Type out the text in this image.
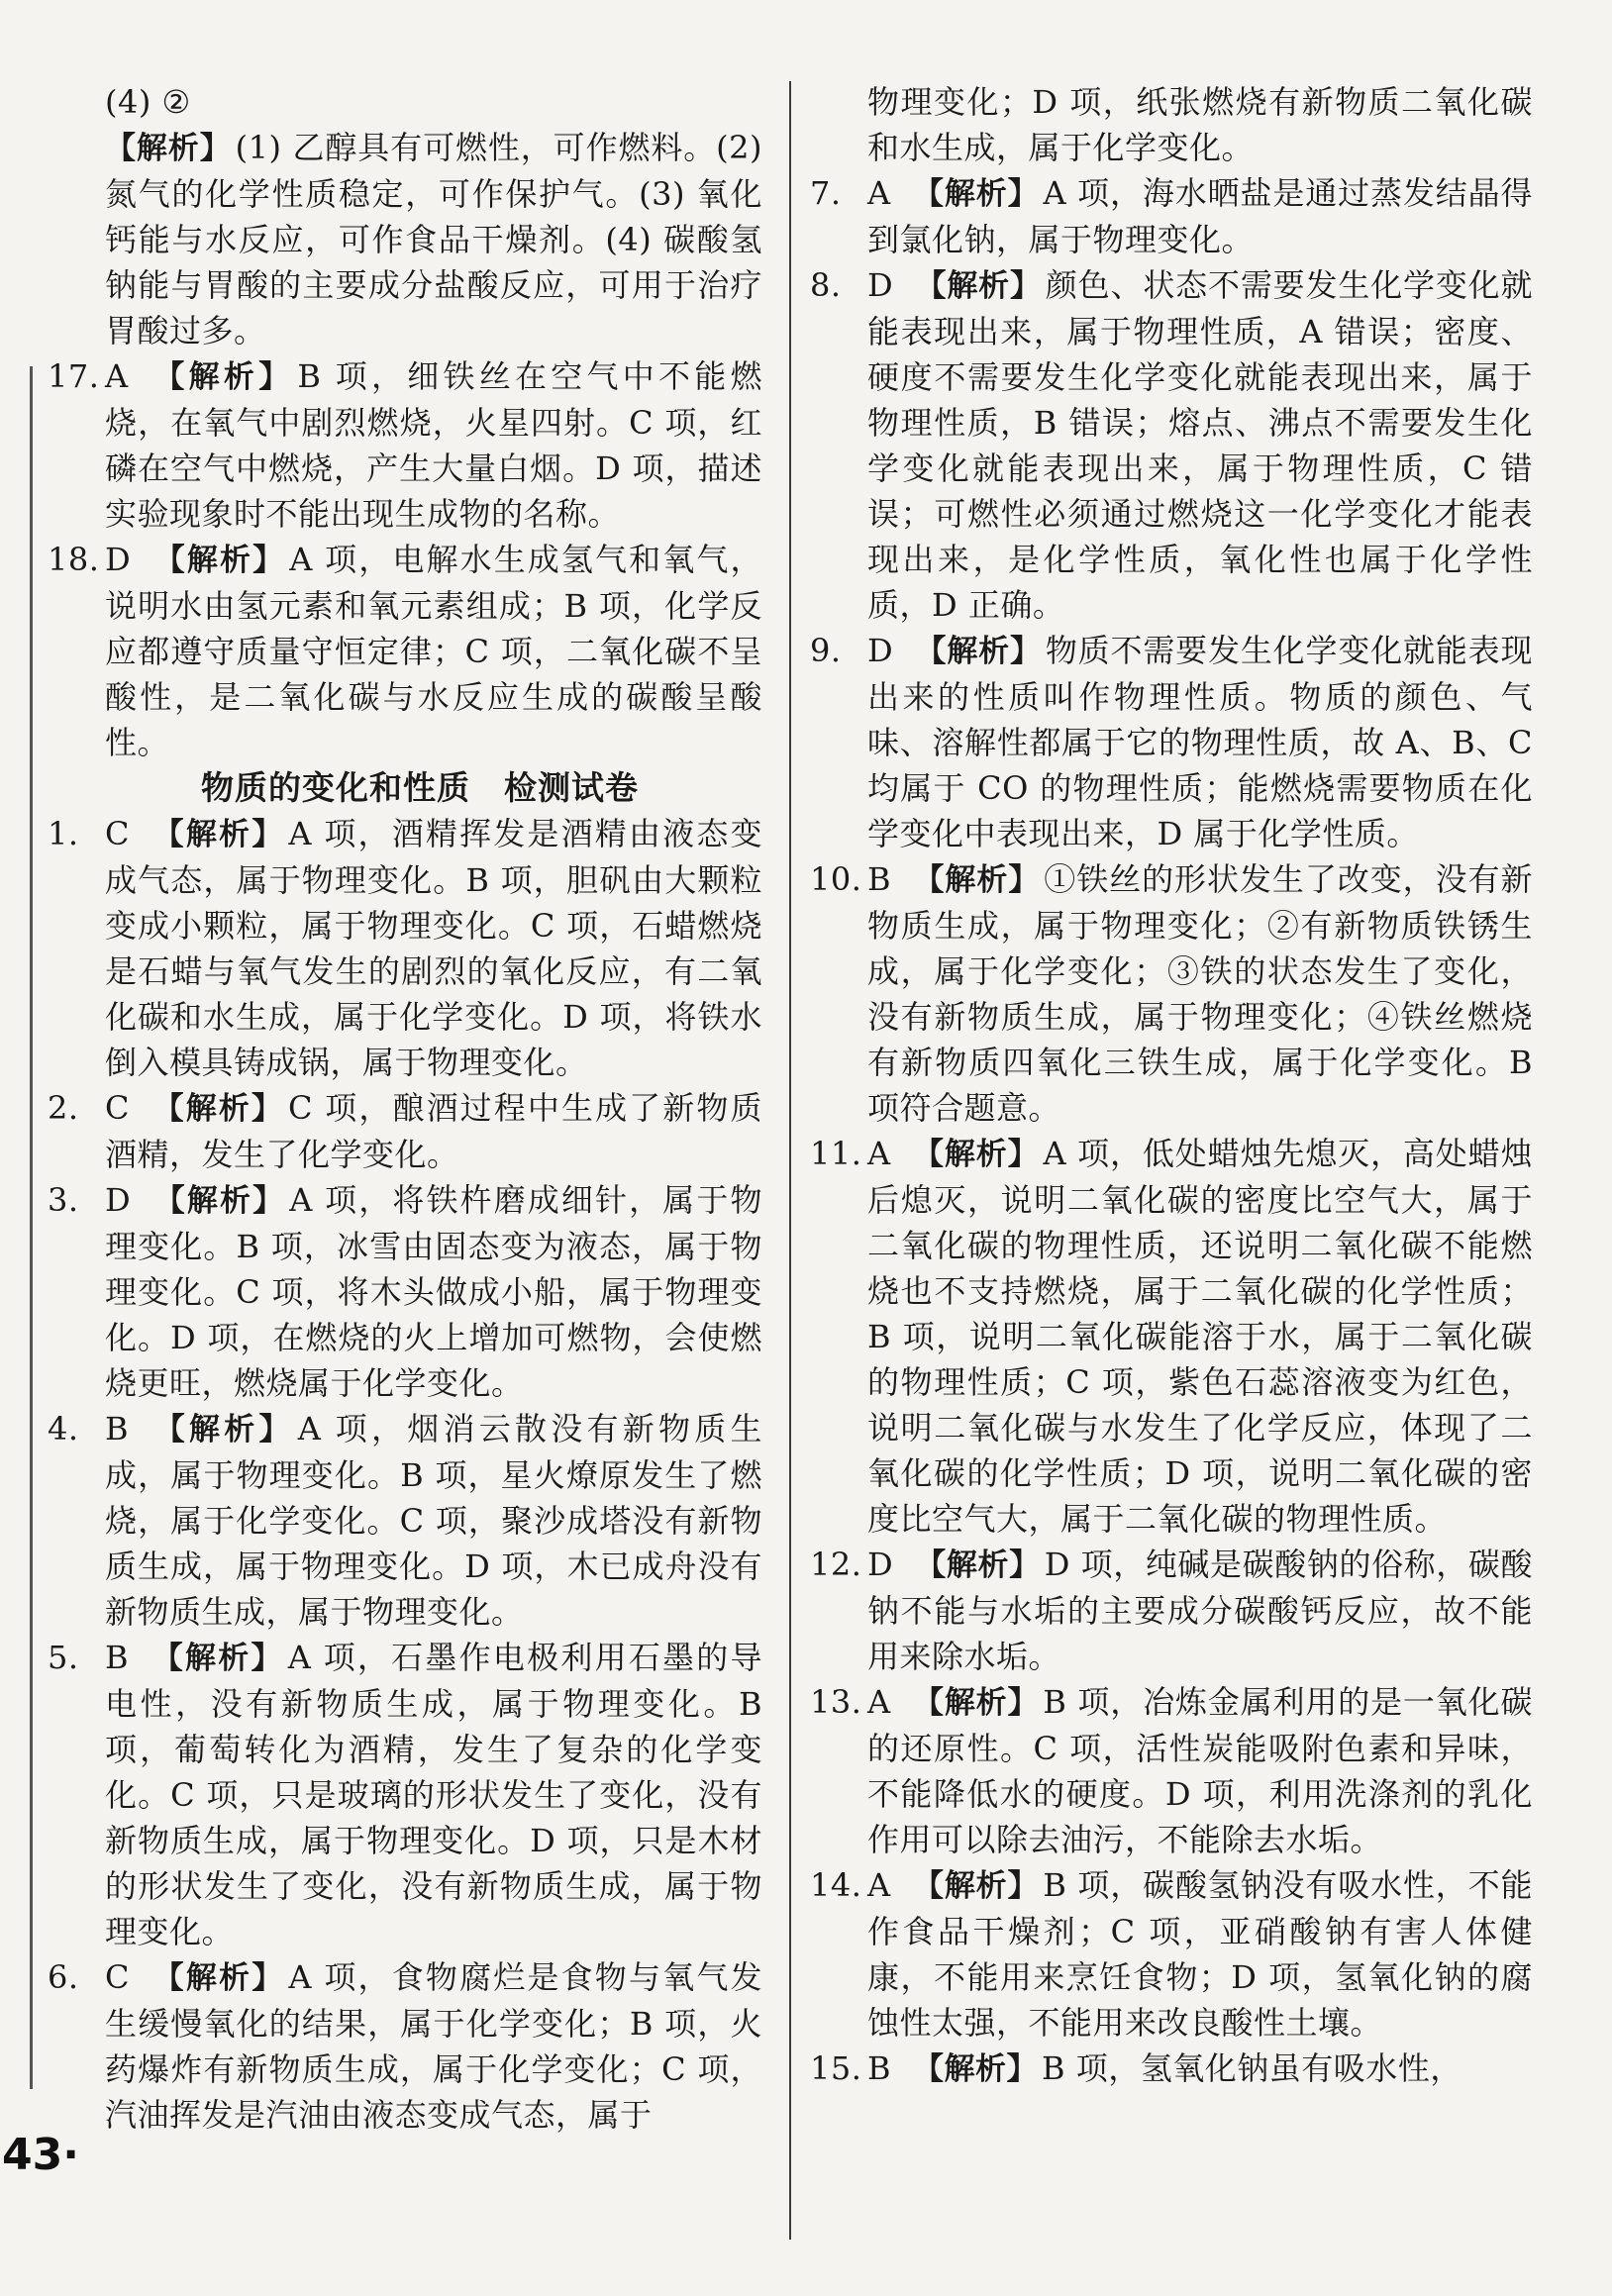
(4) ②
【解析】 (1) 乙醇具有可燃性，可作燃料。(2) 氮气的化学性质稳定，可作保护气。(3) 氧化钙能与水反应，可作食品干燥剂。(4) 碳酸氢钠能与胃酸的主要成分盐酸反应，可用于治疗胃酸过多。

17. A 【解析】 B 项，细铁丝在空气中不能燃烧，在氧气中剧烈燃烧，火星四射。C 项，红磷在空气中燃烧，产生大量白烟。D 项，描述实验现象时不能出现生成物的名称。

18. D 【解析】 A 项，电解水生成氢气和氧气，说明水由氢元素和氧元素组成；B 项，化学反应都遵守质量守恒定律；C 项，二氧化碳不呈酸性，是二氧化碳与水反应生成的碳酸呈酸性。

物质的变化和性质　检测试卷

1. C 【解析】 A 项，酒精挥发是酒精由液态变成气态，属于物理变化。B 项，胆矾由大颗粒变成小颗粒，属于物理变化。C 项，石蜡燃烧是石蜡与氧气发生的剧烈的氧化反应，有二氧化碳和水生成，属于化学变化。D 项，将铁水倒入模具铸成锅，属于物理变化。

2. C 【解析】 C 项，酿酒过程中生成了新物质酒精，发生了化学变化。

3. D 【解析】 A 项，将铁杵磨成细针，属于物理变化。B 项，冰雪由固态变为液态，属于物理变化。C 项，将木头做成小船，属于物理变化。D 项，在燃烧的火上增加可燃物，会使燃烧更旺，燃烧属于化学变化。

4. B 【解析】 A 项，烟消云散没有新物质生成，属于物理变化。B 项，星火燎原发生了燃烧，属于化学变化。C 项，聚沙成塔没有新物质生成，属于物理变化。D 项，木已成舟没有新物质生成，属于物理变化。

5. B 【解析】 A 项，石墨作电极利用石墨的导电性，没有新物质生成，属于物理变化。B 项，葡萄转化为酒精，发生了复杂的化学变化。C 项，只是玻璃的形状发生了变化，没有新物质生成，属于物理变化。D 项，只是木材的形状发生了变化，没有新物质生成，属于物理变化。

6. C 【解析】 A 项，食物腐烂是食物与氧气发生缓慢氧化的结果，属于化学变化；B 项，火药爆炸有新物质生成，属于化学变化；C 项，汽油挥发是汽油由液态变成气态，属于

物理变化；D 项，纸张燃烧有新物质二氧化碳和水生成，属于化学变化。

7. A 【解析】 A 项，海水晒盐是通过蒸发结晶得到氯化钠，属于物理变化。

8. D 【解析】 颜色、状态不需要发生化学变化就能表现出来，属于物理性质，A 错误；密度、硬度不需要发生化学变化就能表现出来，属于物理性质，B 错误；熔点、沸点不需要发生化学变化就能表现出来，属于物理性质，C 错误；可燃性必须通过燃烧这一化学变化才能表现出来，是化学性质，氧化性也属于化学性质，D 正确。

9. D 【解析】 物质不需要发生化学变化就能表现出来的性质叫作物理性质。物质的颜色、气味、溶解性都属于它的物理性质，故 A、B、C 均属于 CO 的物理性质；能燃烧需要物质在化学变化中表现出来，D 属于化学性质。

10. B 【解析】 ①铁丝的形状发生了改变，没有新物质生成，属于物理变化；②有新物质铁锈生成，属于化学变化；③铁的状态发生了变化，没有新物质生成，属于物理变化；④铁丝燃烧有新物质四氧化三铁生成，属于化学变化。B 项符合题意。

11. A 【解析】 A 项，低处蜡烛先熄灭，高处蜡烛后熄灭，说明二氧化碳的密度比空气大，属于二氧化碳的物理性质，还说明二氧化碳不能燃烧也不支持燃烧，属于二氧化碳的化学性质；B 项，说明二氧化碳能溶于水，属于二氧化碳的物理性质；C 项，紫色石蕊溶液变为红色，说明二氧化碳与水发生了化学反应，体现了二氧化碳的化学性质；D 项，说明二氧化碳的密度比空气大，属于二氧化碳的物理性质。

12. D 【解析】 D 项，纯碱是碳酸钠的俗称，碳酸钠不能与水垢的主要成分碳酸钙反应，故不能用来除水垢。

13. A 【解析】 B 项，冶炼金属利用的是一氧化碳的还原性。C 项，活性炭能吸附色素和异味，不能降低水的硬度。D 项，利用洗涤剂的乳化作用可以除去油污，不能除去水垢。

14. A 【解析】 B 项，碳酸氢钠没有吸水性，不能作食品干燥剂；C 项，亚硝酸钠有害人体健康，不能用来烹饪食物；D 项，氢氧化钠的腐蚀性太强，不能用来改良酸性土壤。

15. B 【解析】 B 项，氢氧化钠虽有吸水性，

43·
